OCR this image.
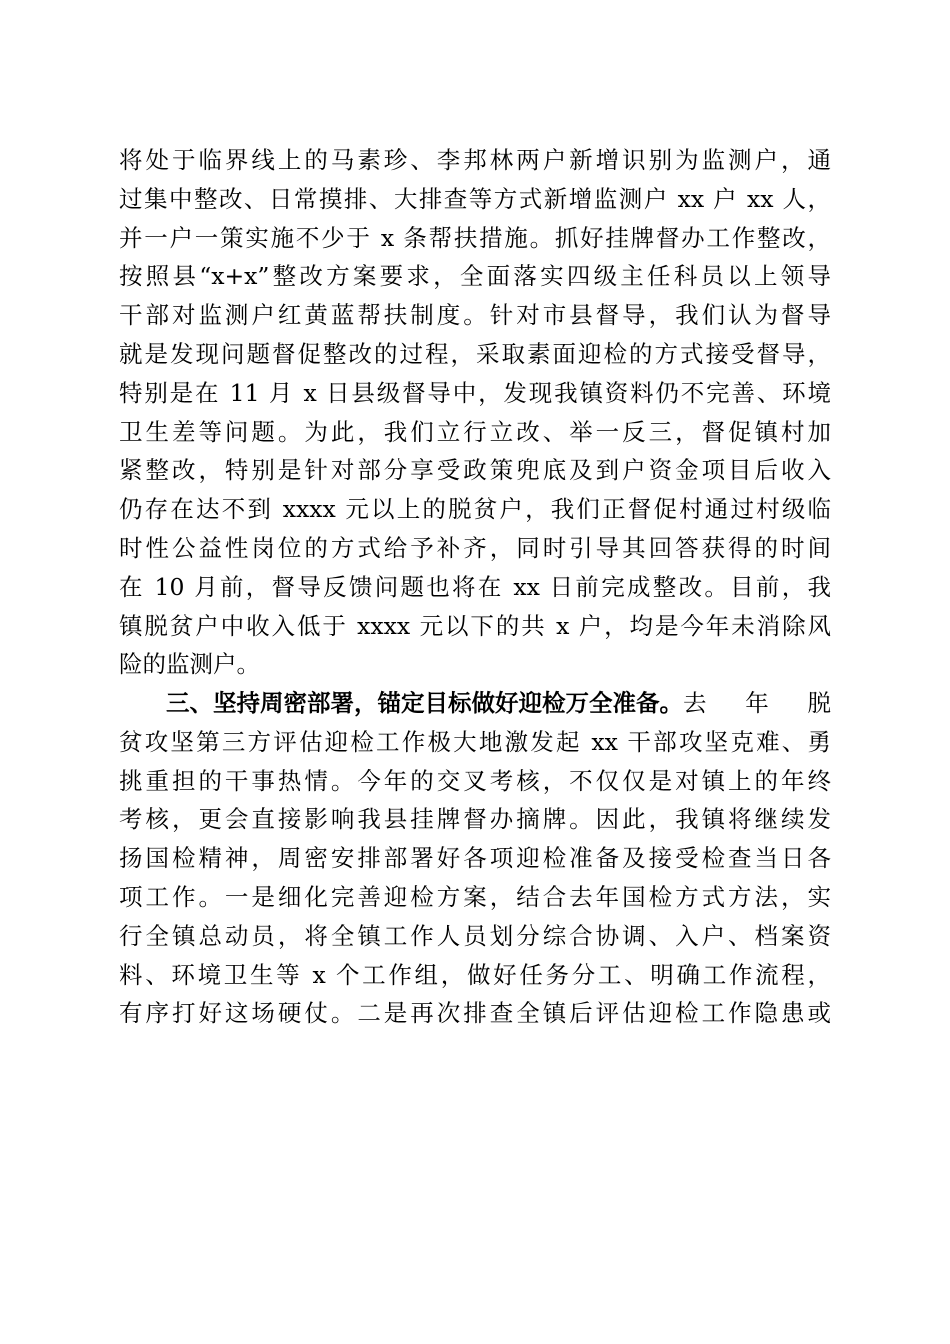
将处于临界线上的马素珍、李邦林两户新增识别为监测户，通
过集中整改、日常摸排、大排查等方式新增监测户 xx 户 xx 人，
并一户一策实施不少于 x 条帮扶措施。抓好挂牌督办工作整改，
按照县“x+x”整改方案要求，全面落实四级主任科员以上领导
干部对监测户红黄蓝帮扶制度。针对市县督导，我们认为督导
就是发现问题督促整改的过程，采取素面迎检的方式接受督导，
特别是在 11 月 x 日县级督导中，发现我镇资料仍不完善、环境
卫生差等问题。为此，我们立行立改、举一反三，督促镇村加
紧整改，特别是针对部分享受政策兜底及到户资金项目后收入
仍存在达不到 xxxx 元以上的脱贫户，我们正督促村通过村级临
时性公益性岗位的方式给予补齐，同时引导其回答获得的时间
在 10 月前，督导反馈问题也将在 xx 日前完成整改。目前，我
镇脱贫户中收入低于 xxxx 元以下的共 x 户，均是今年未消除风
险的监测户。
三、坚持周密部署，锚定目标做好迎检万全准备。 去年脱
贫攻坚第三方评估迎检工作极大地激发起 xx 干部攻坚克难、勇
挑重担的干事热情。今年的交叉考核，不仅仅是对镇上的年终
考核，更会直接影响我县挂牌督办摘牌。因此，我镇将继续发
扬国检精神，周密安排部署好各项迎检准备及接受检查当日各
项工作。一是细化完善迎检方案，结合去年国检方式方法，实
行全镇总动员，将全镇工作人员划分综合协调、入户、档案资
料、环境卫生等 x 个工作组，做好任务分工、明确工作流程，
有序打好这场硬仗。二是再次排查全镇后评估迎检工作隐患或
